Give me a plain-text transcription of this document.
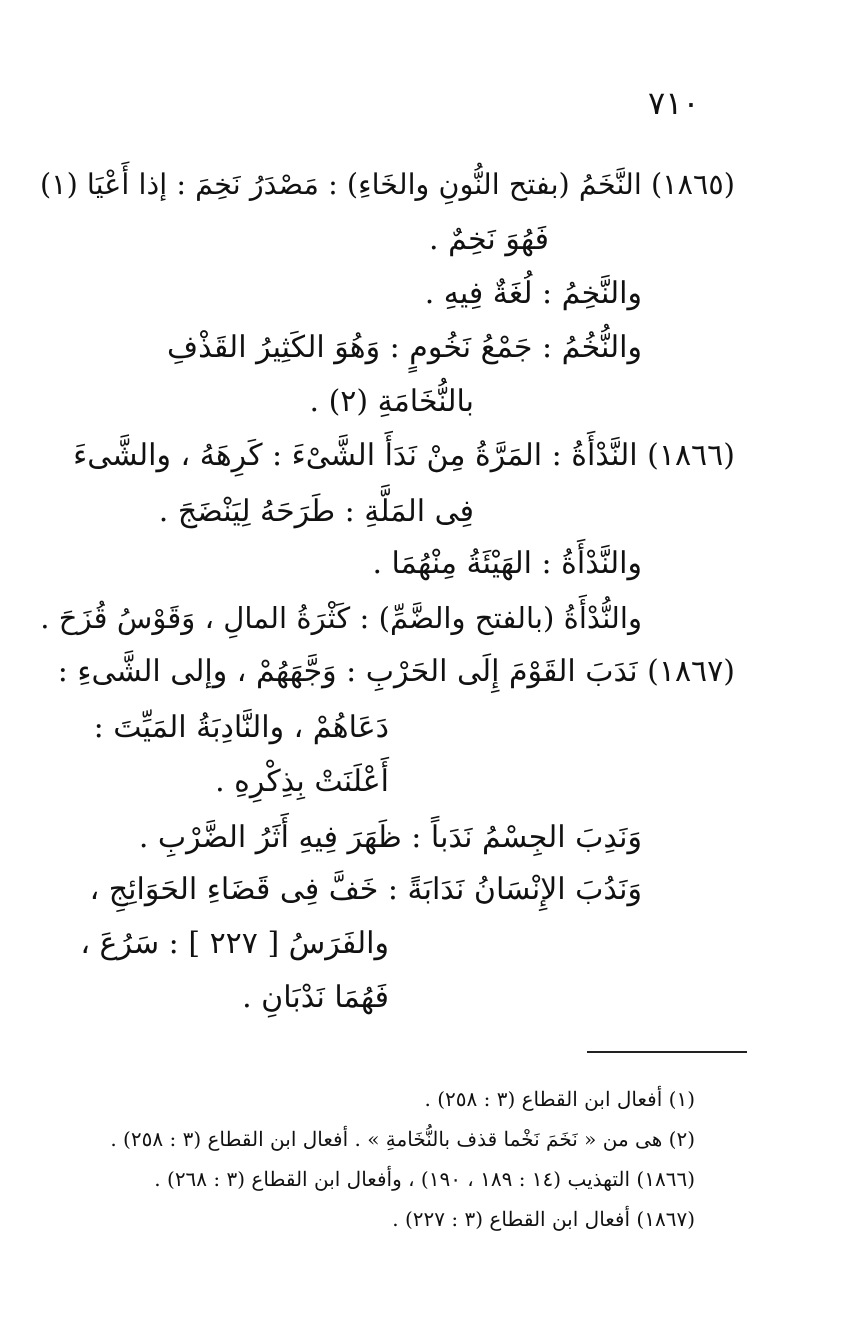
٧١٠
(١٨٦٥) النَّخَمُ (بفتح النُّونِ والخَاءِ) : مَصْدَرُ نَخِمَ : إذا أَعْيَا (١)
فَهُوَ نَخِمٌ .
والنَّخِمُ : لُغَةٌ فِيهِ .
والنُّخُمُ : جَمْعُ نَخُومٍ : وَهُوَ الكَثِيرُ القَذْفِ
بالنُّخَامَةِ (٢) .
(١٨٦٦) النَّدْأَةُ : المَرَّةُ مِنْ نَدَأَ الشَّىْءَ : كَرِهَهُ ، والشَّىءَ
فِى المَلَّةِ : طَرَحَهُ لِيَنْضَجَ .
والنَّدْأَةُ : الهَيْئَةُ مِنْهُمَا .
والنُّدْأَةُ (بالفتح والضَّمِّ) : كَثْرَةُ المالِ ، وَقَوْسُ قُزَحَ .
(١٨٦٧) نَدَبَ القَوْمَ إِلَى الحَرْبِ : وَجَّهَهُمْ ، وإلى الشَّىءِ :
دَعَاهُمْ ، والنَّادِبَةُ المَيِّتَ :
أَعْلَنَتْ بِذِكْرِهِ .
وَنَدِبَ الجِسْمُ نَدَباً : ظَهَرَ فِيهِ أَثَرُ الضَّرْبِ .
وَنَدُبَ الإِنْسَانُ نَدَابَةً : خَفَّ فِى قَضَاءِ الحَوَائِجِ ،
والفَرَسُ [ ٢٢٧ ] : سَرُعَ ،
فَهُمَا نَدْبَانِ .
(١) أفعال ابن القطاع (٣ : ٢٥٨) .
(٢) هى من « نَخَمَ نَخْما قذف بالنُّخَامةِ » . أفعال ابن القطاع (٣ : ٢٥٨) .
(١٨٦٦) التهذيب (١٤ : ١٨٩ ، ١٩٠) ، وأفعال ابن القطاع (٣ : ٢٦٨) .
(١٨٦٧) أفعال ابن القطاع (٣ : ٢٢٧) .
